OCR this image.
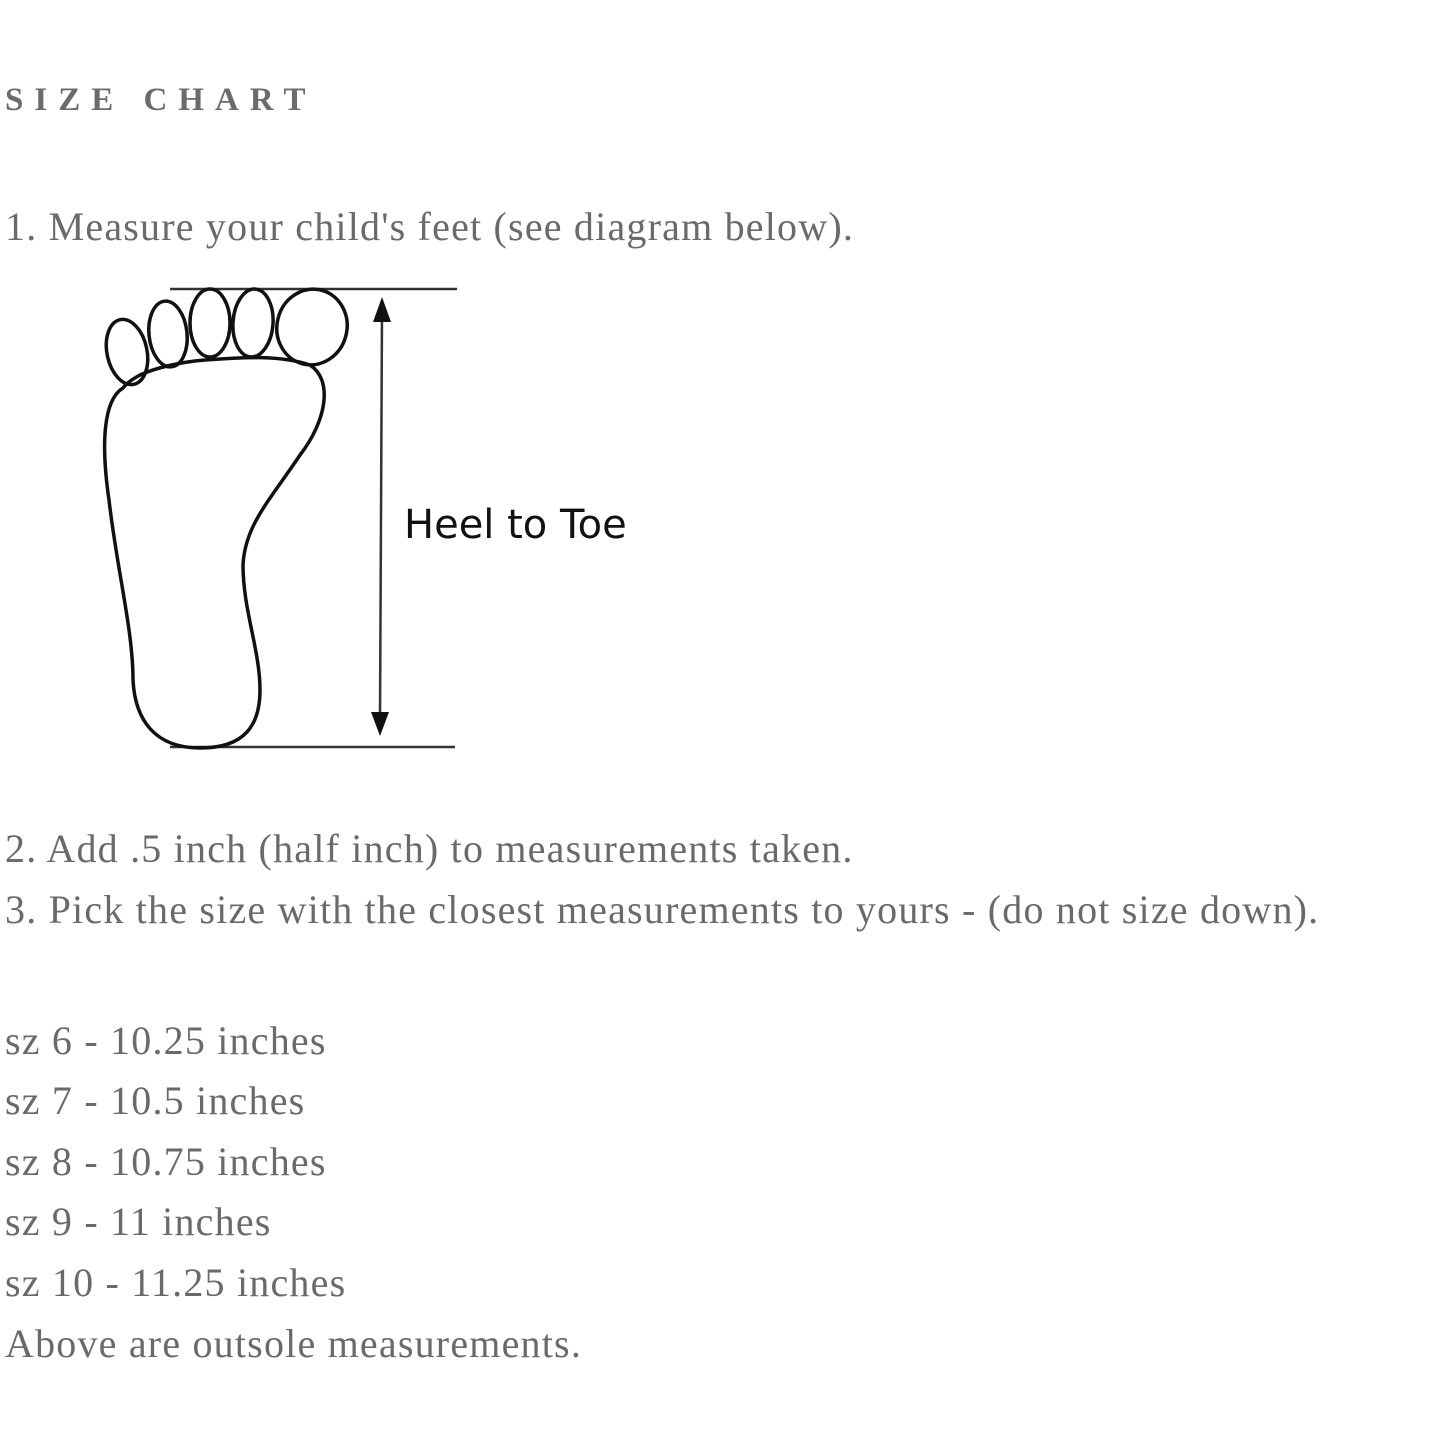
SIZE CHART
1. Measure your child's feet (see diagram below).
Heel to Toe
2. Add .5 inch (half inch) to measurements taken.
3. Pick the size with the closest measurements to yours - (do not size down).
sz 6 - 10.25 inches
sz 7 - 10.5 inches
sz 8 - 10.75 inches
sz 9 - 11 inches
sz 10 - 11.25 inches
Above are outsole measurements.
